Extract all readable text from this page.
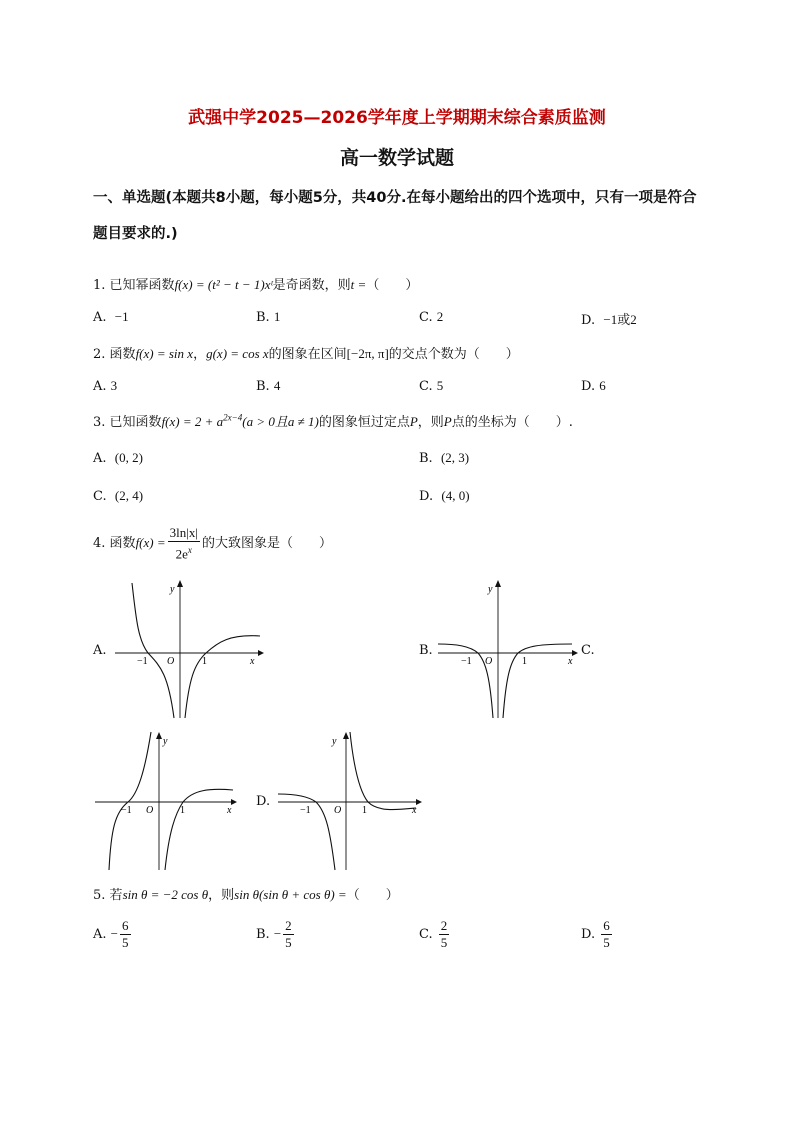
武强中学2025—2026学年度上学期期末综合素质监测
高一数学试题
一、单选题(本题共8小题，每小题5分，共40分.在每小题给出的四个选项中，只有一项是符合题目要求的.)
1. 已知幂函数f(x) = (t² − t − 1)xᵗ是奇函数，则t =（　　）
A. −1	B. 1	C. 2	D. −1或2
2. 函数f(x) = sin x，g(x) = cos x的图象在区间[−2π, π]的交点个数为（　　）
A. 3	B. 4	C. 5	D. 6
3. 已知函数$f(x) = 2 + a^{2x-4}(a > 0$且a ≠ 1)的图象恒过定点P，则P点的坐标为（　　）.
A. (0, 2)	B. (2, 3)
C. (2, 4)	D. (4, 0)
4. 函数$f(x) = \frac{3\ln|x|}{2e^x}$ 的大致图象是（　　）
A.
y
x
O
−1	1
B.
y
x
O
−1	1
C.
y
x
O
−1	1
D.
y
x
O
−1	1
5. 若sin θ = −2 cos θ，则sin θ(sin θ + cos θ) =（　　）
A. − $\frac{6}{5}$	B. − $\frac{2}{5}$	C. $\frac{2}{5}$	D. $\frac{6}{5}$
